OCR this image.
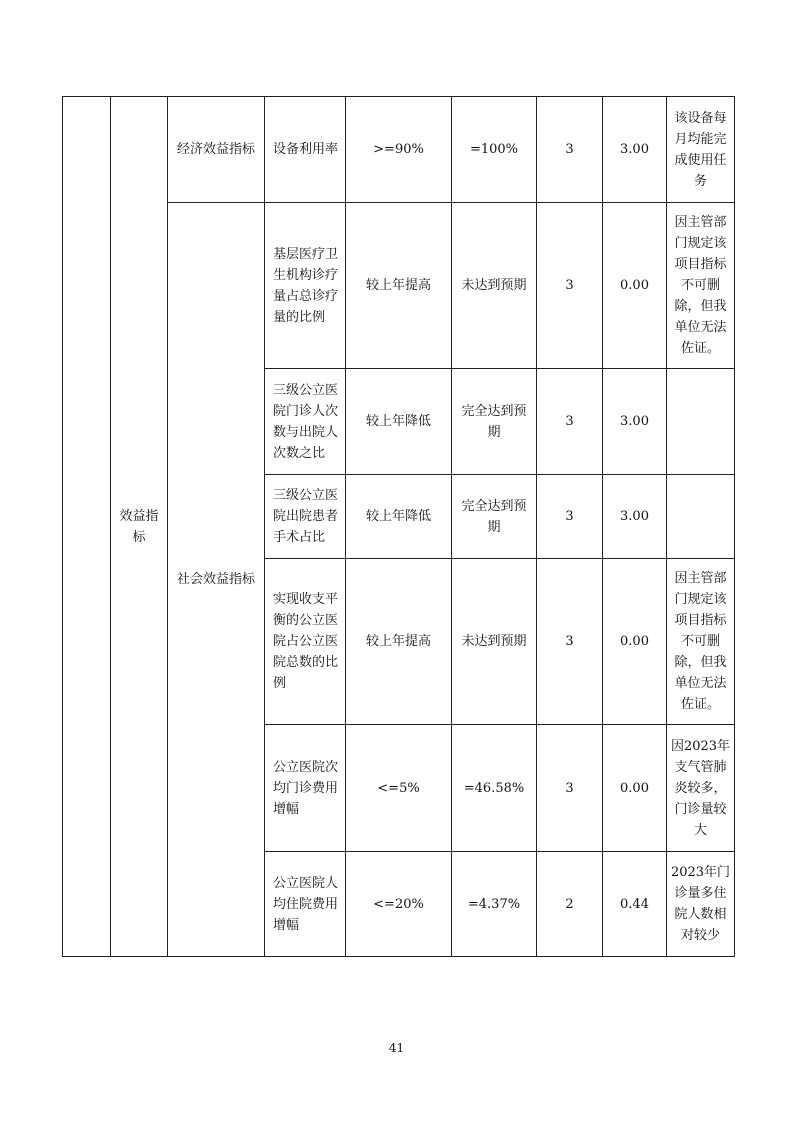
	效益指标	经济效益指标	设备利用率	>=90%	=100%	3	3.00	该设备每月均能完成使用任务
		社会效益指标	基层医疗卫生机构诊疗量占总诊疗量的比例	较上年提高	未达到预期	3	0.00	因主管部门规定该项目指标不可删除，但我单位无法佐证。
			三级公立医院门诊人次数与出院人次数之比	较上年降低	完全达到预期	3	3.00	
			三级公立医院出院患者手术占比	较上年降低	完全达到预期	3	3.00	
			实现收支平衡的公立医院占公立医院总数的比例	较上年提高	未达到预期	3	0.00	因主管部门规定该项目指标不可删除，但我单位无法佐证。
			公立医院次均门诊费用增幅	<=5%	=46.58%	3	0.00	因2023年支气管肺炎较多，门诊量较大
			公立医院人均住院费用增幅	<=20%	=4.37%	2	0.44	2023年门诊量多住院人数相对较少
41
